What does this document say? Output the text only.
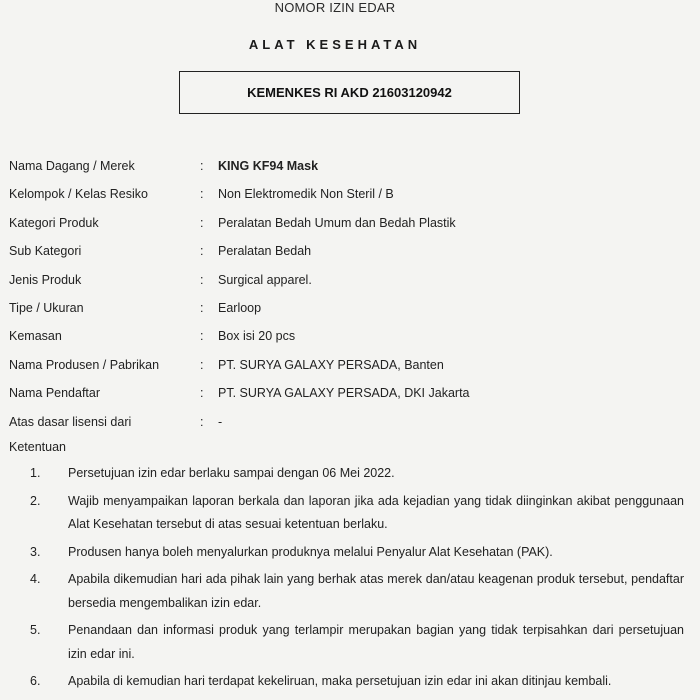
NOMOR IZIN EDAR
ALAT KESEHATAN
KEMENKES RI AKD 21603120942
Nama Dagang / Merek	: KING KF94 Mask
Kelompok / Kelas Resiko	: Non Elektromedik Non Steril / B
Kategori Produk	: Peralatan Bedah Umum dan Bedah Plastik
Sub Kategori	: Peralatan Bedah
Jenis Produk	: Surgical apparel.
Tipe / Ukuran	: Earloop
Kemasan	: Box isi 20 pcs
Nama Produsen / Pabrikan	: PT. SURYA GALAXY PERSADA, Banten
Nama Pendaftar	: PT. SURYA GALAXY PERSADA, DKI Jakarta
Atas dasar lisensi dari	: -
Ketentuan
1. Persetujuan izin edar berlaku sampai dengan 06 Mei 2022.
2. Wajib menyampaikan laporan berkala dan laporan jika ada kejadian yang tidak diinginkan akibat penggunaan Alat Kesehatan tersebut di atas sesuai ketentuan berlaku.
3. Produsen hanya boleh menyalurkan produknya melalui Penyalur Alat Kesehatan (PAK).
4. Apabila dikemudian hari ada pihak lain yang berhak atas merek dan/atau keagenan produk tersebut, pendaftar bersedia mengembalikan izin edar.
5. Penandaan dan informasi produk yang terlampir merupakan bagian yang tidak terpisahkan dari persetujuan izin edar ini.
6. Apabila di kemudian hari terdapat kekeliruan, maka persetujuan izin edar ini akan ditinjau kembali.
